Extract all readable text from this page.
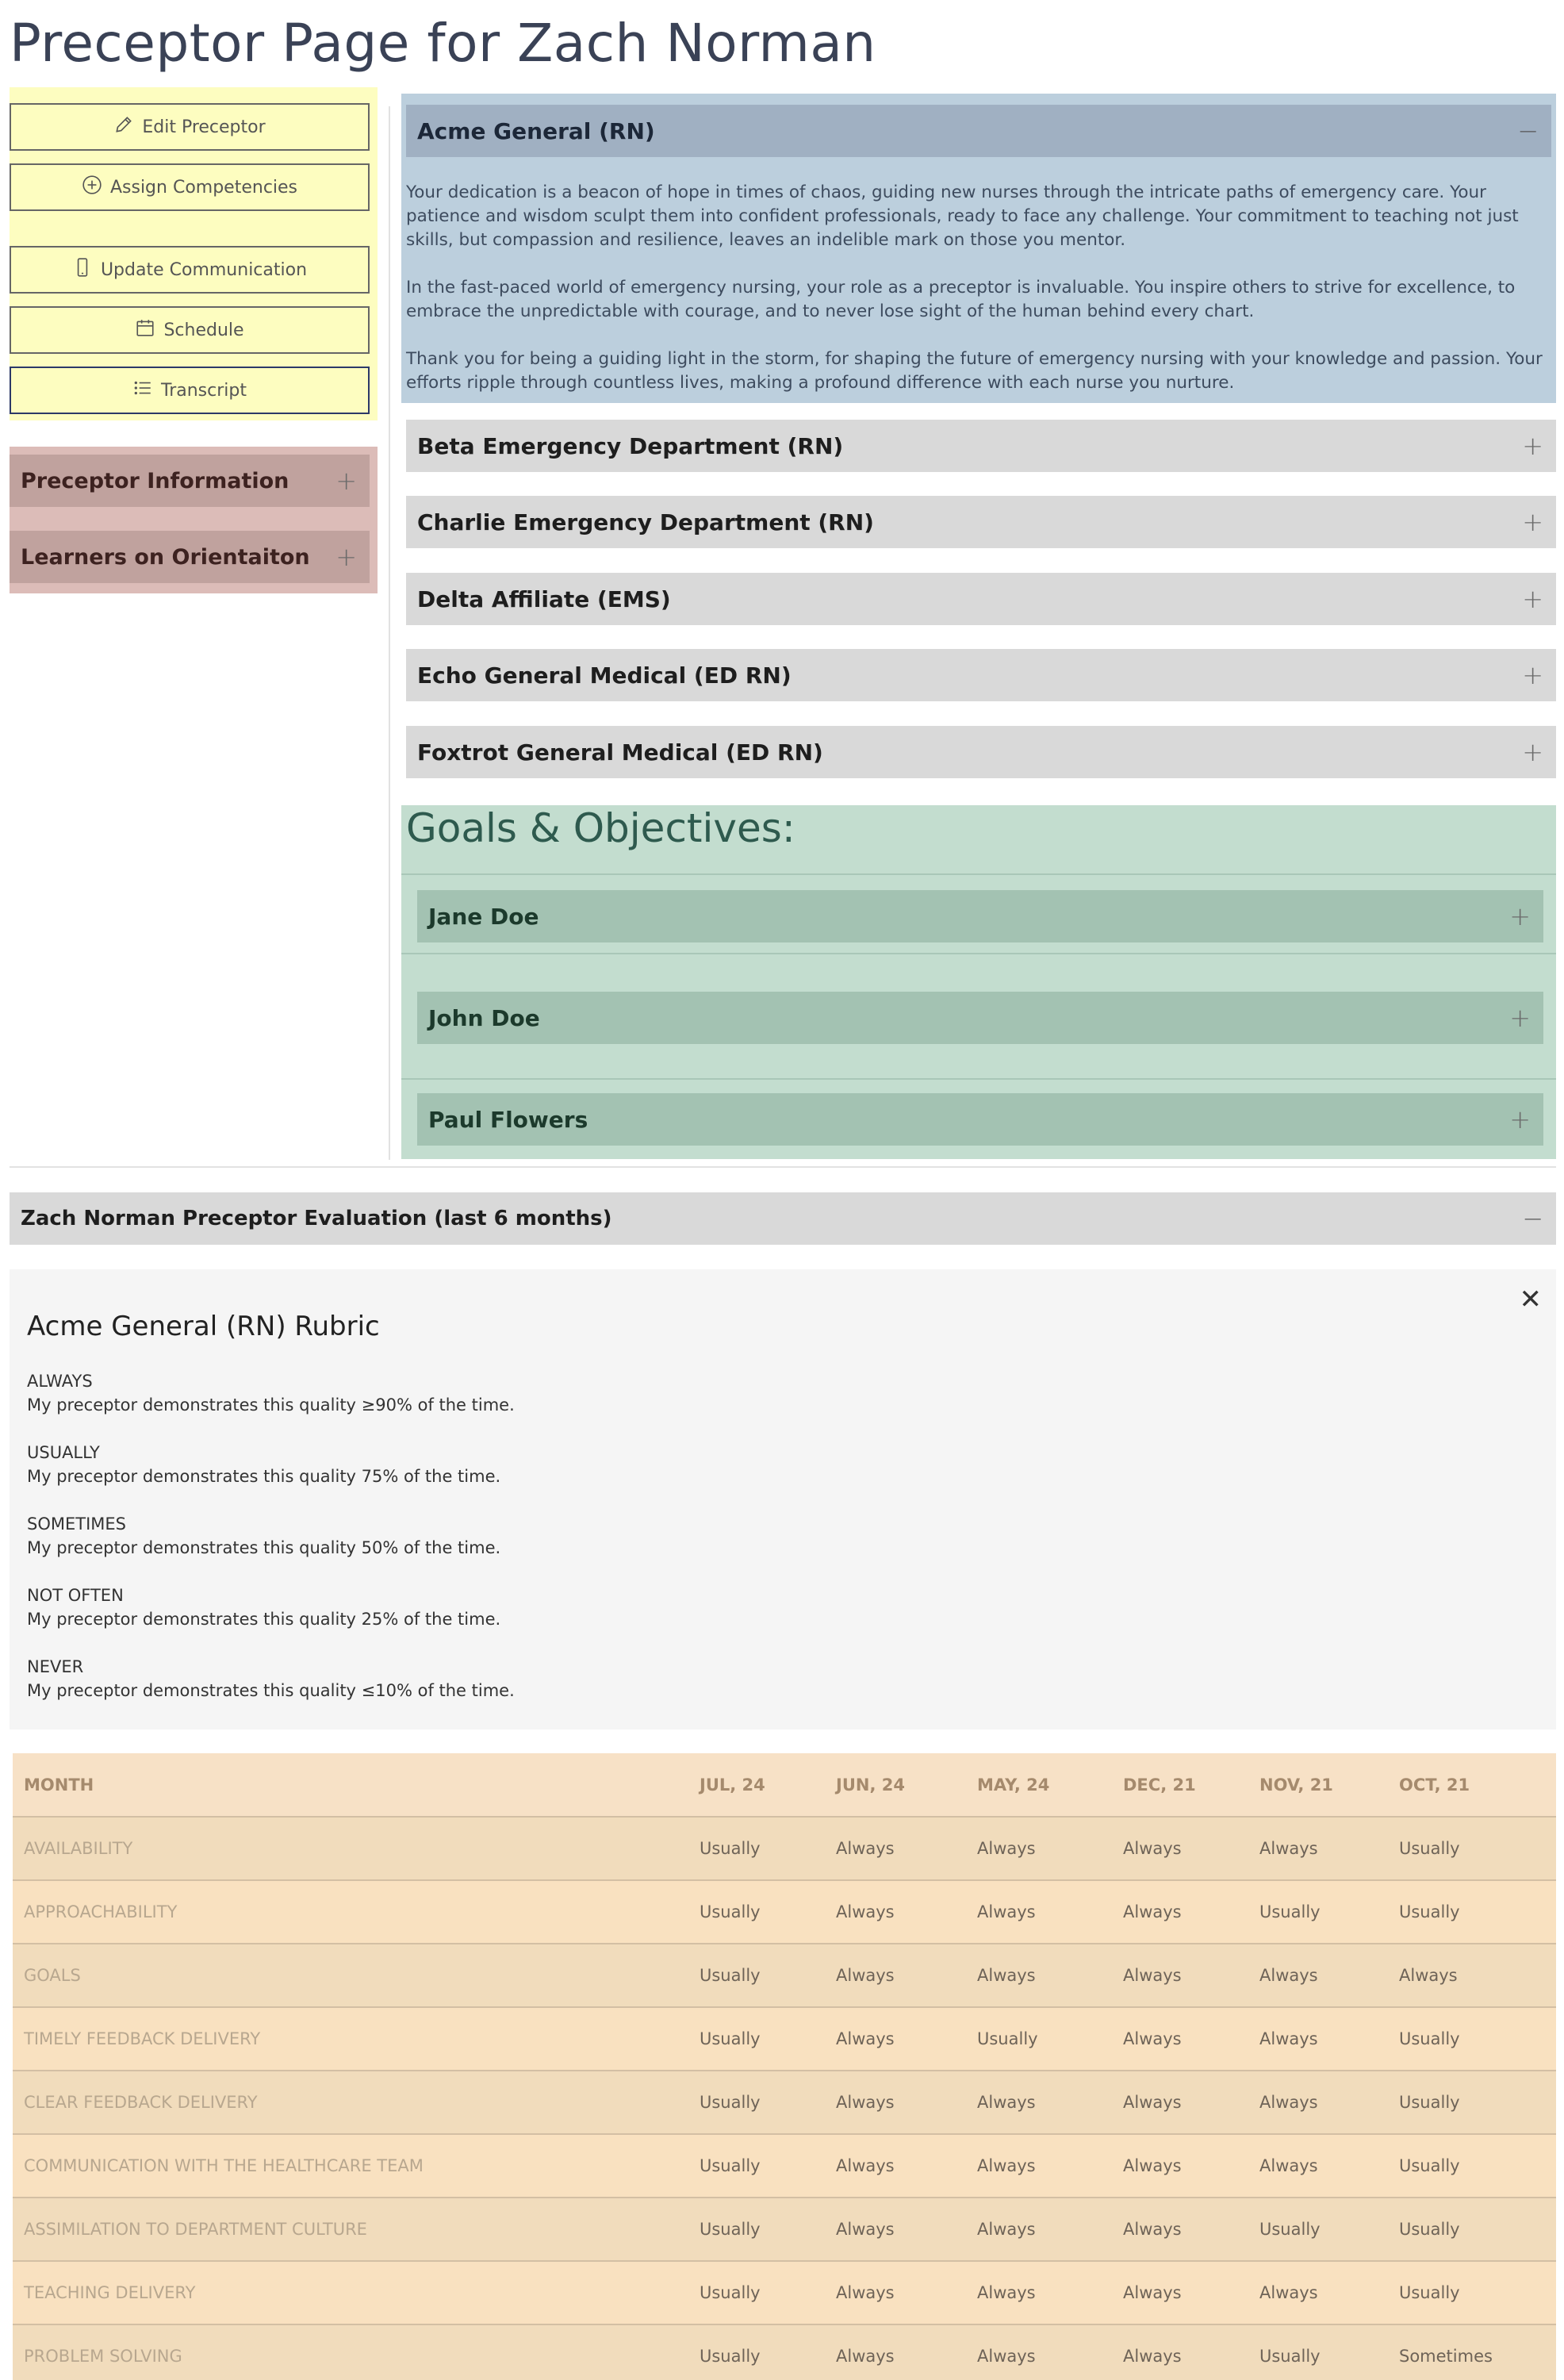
Preceptor Page for Zach Norman
Edit Preceptor
Assign Competencies
Update Communication
Schedule
Transcript
Preceptor Information +
Learners on Orientaiton +
Acme General (RN)	−

Your dedication is a beacon of hope in times of chaos, guiding new nurses through the intricate paths of emergency care. Your patience and wisdom sculpt them into confident professionals, ready to face any challenge. Your commitment to teaching not just skills, but compassion and resilience, leaves an indelible mark on those you mentor.

In the fast-paced world of emergency nursing, your role as a preceptor is invaluable. You inspire others to strive for excellence, to embrace the unpredictable with courage, and to never lose sight of the human behind every chart.

Thank you for being a guiding light in the storm, for shaping the future of emergency nursing with your knowledge and passion. Your efforts ripple through countless lives, making a profound difference with each nurse you nurture.

Beta Emergency Department (RN)	+
Charlie Emergency Department (RN)	+
Delta Affiliate (EMS)	+
Echo General Medical (ED RN)	+
Foxtrot General Medical (ED RN)	+
Goals & Objectives:
Jane Doe	+
John Doe	+
Paul Flowers	+
Zach Norman Preceptor Evaluation (last 6 months)	−
✕
Acme General (RN) Rubric
ALWAYS
My preceptor demonstrates this quality ≥90% of the time.
USUALLY
My preceptor demonstrates this quality 75% of the time.
SOMETIMES
My preceptor demonstrates this quality 50% of the time.
NOT OFTEN
My preceptor demonstrates this quality 25% of the time.
NEVER
My preceptor demonstrates this quality ≤10% of the time.
MONTH	JUL, 24	JUN, 24	MAY, 24	DEC, 21	NOV, 21	OCT, 21
AVAILABILITY	Usually	Always	Always	Always	Always	Usually
APPROACHABILITY	Usually	Always	Always	Always	Usually	Usually
GOALS	Usually	Always	Always	Always	Always	Always
TIMELY FEEDBACK DELIVERY	Usually	Always	Usually	Always	Always	Usually
CLEAR FEEDBACK DELIVERY	Usually	Always	Always	Always	Always	Usually
COMMUNICATION WITH THE HEALTHCARE TEAM	Usually	Always	Always	Always	Always	Usually
ASSIMILATION TO DEPARTMENT CULTURE	Usually	Always	Always	Always	Usually	Usually
TEACHING DELIVERY	Usually	Always	Always	Always	Always	Usually
PROBLEM SOLVING	Usually	Always	Always	Always	Usually	Sometimes
